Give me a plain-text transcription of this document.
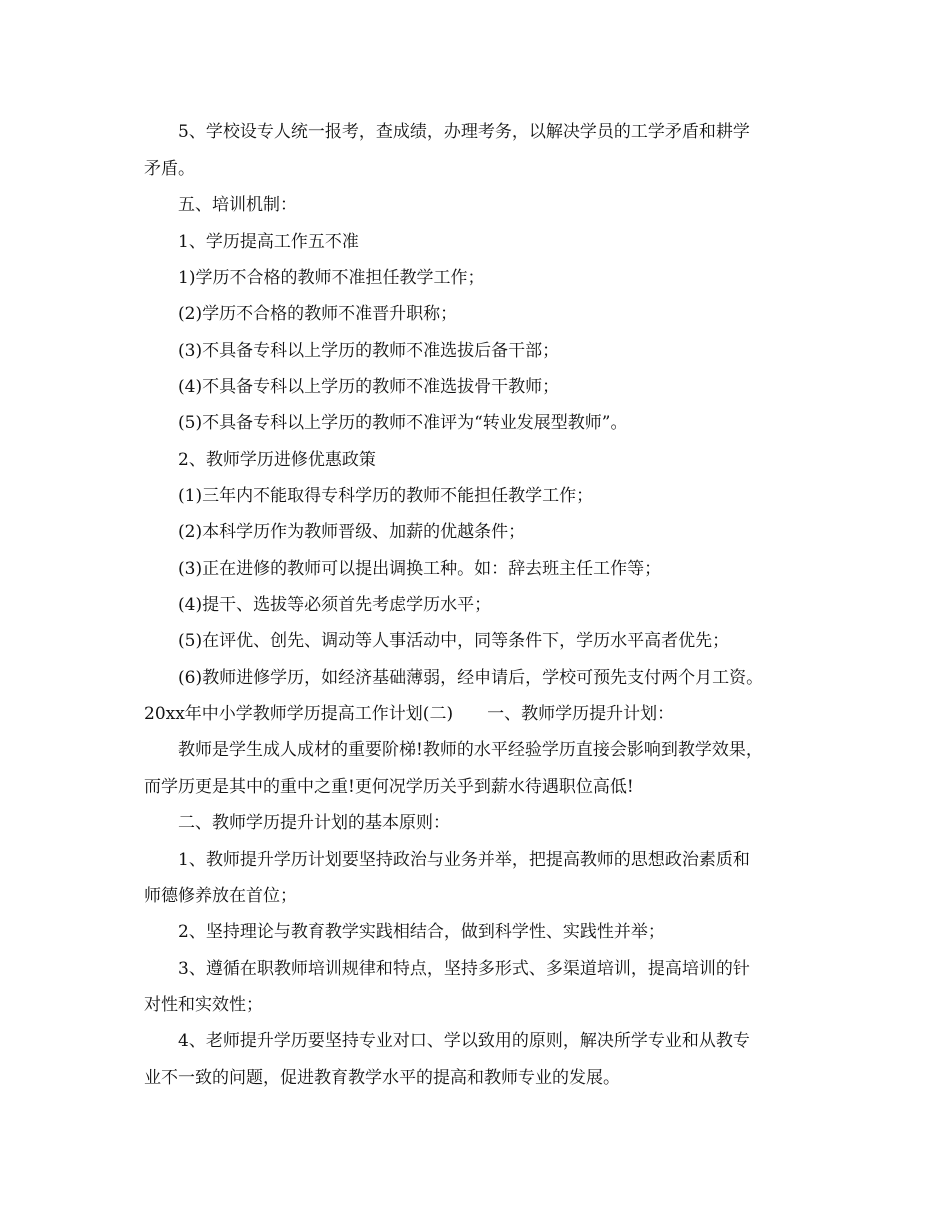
5、学校设专人统一报考，查成绩，办理考务，以解决学员的工学矛盾和耕学
矛盾。
五、培训机制：
1、学历提高工作五不准
1)学历不合格的教师不准担任教学工作；
(2)学历不合格的教师不准晋升职称；
(3)不具备专科以上学历的教师不准选拔后备干部；
(4)不具备专科以上学历的教师不准选拔骨干教师；
(5)不具备专科以上学历的教师不准评为“转业发展型教师”。
2、教师学历进修优惠政策
(1)三年内不能取得专科学历的教师不能担任教学工作；
(2)本科学历作为教师晋级、加薪的优越条件；
(3)正在进修的教师可以提出调换工种。如：辞去班主任工作等；
(4)提干、选拔等必须首先考虑学历水平；
(5)在评优、创先、调动等人事活动中，同等条件下，学历水平高者优先；
(6)教师进修学历，如经济基础薄弱，经申请后，学校可预先支付两个月工资。
20xx年中小学教师学历提高工作计划(二)　　一、教师学历提升计划：
教师是学生成人成材的重要阶梯!教师的水平经验学历直接会影响到教学效果，
而学历更是其中的重中之重!更何况学历关乎到薪水待遇职位高低!
二、教师学历提升计划的基本原则：
1、教师提升学历计划要坚持政治与业务并举，把提高教师的思想政治素质和
师德修养放在首位；
2、坚持理论与教育教学实践相结合，做到科学性、实践性并举；
3、遵循在职教师培训规律和特点，坚持多形式、多渠道培训，提高培训的针
对性和实效性；
4、老师提升学历要坚持专业对口、学以致用的原则，解决所学专业和从教专
业不一致的问题，促进教育教学水平的提高和教师专业的发展。
